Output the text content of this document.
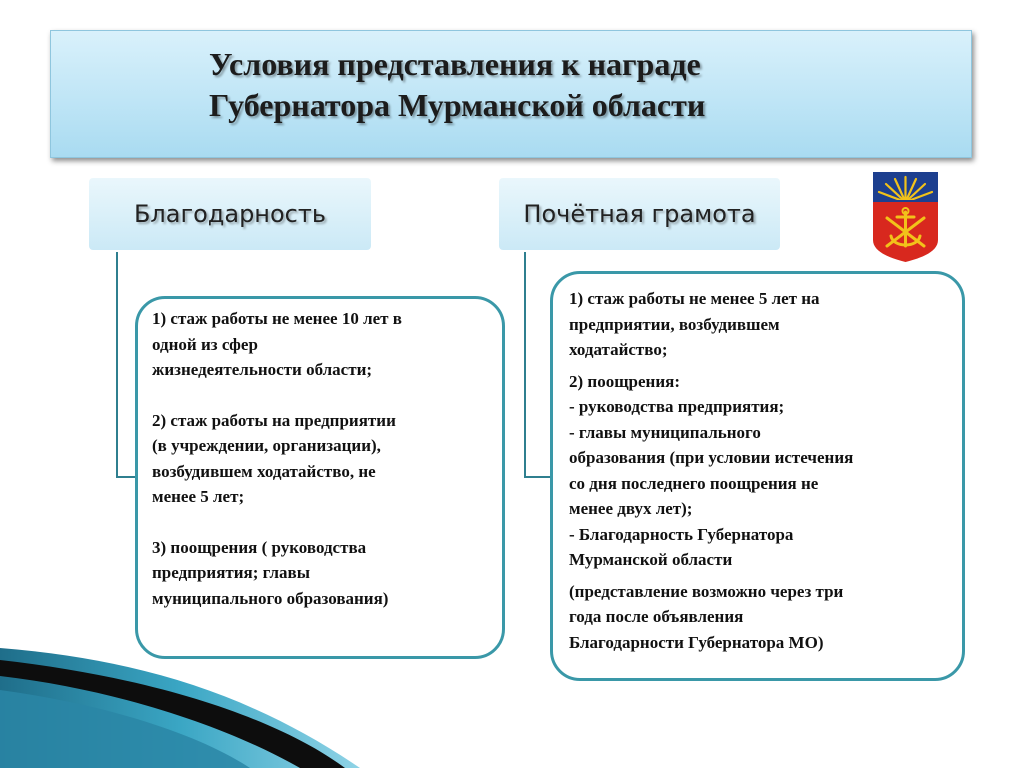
Условия представления к награде
Губернатора Мурманской области
Благодарность	Почётная грамота

1) стаж работы не менее 10 лет в
одной из сфер
жизнедеятельности области;

2) стаж работы на предприятии
(в учреждении, организации),
возбудившем ходатайство, не
менее 5 лет;

3) поощрения ( руководства
предприятия; главы
муниципального образования)

1) стаж работы не менее 5 лет на
предприятии, возбудившем
ходатайство;

2) поощрения:
- руководства предприятия;
- главы муниципального
образования (при условии истечения
со дня последнего поощрения не
менее двух лет);
- Благодарность Губернатора
Мурманской области

(представление возможно через три
года после объявления
Благодарности Губернатора МО)
